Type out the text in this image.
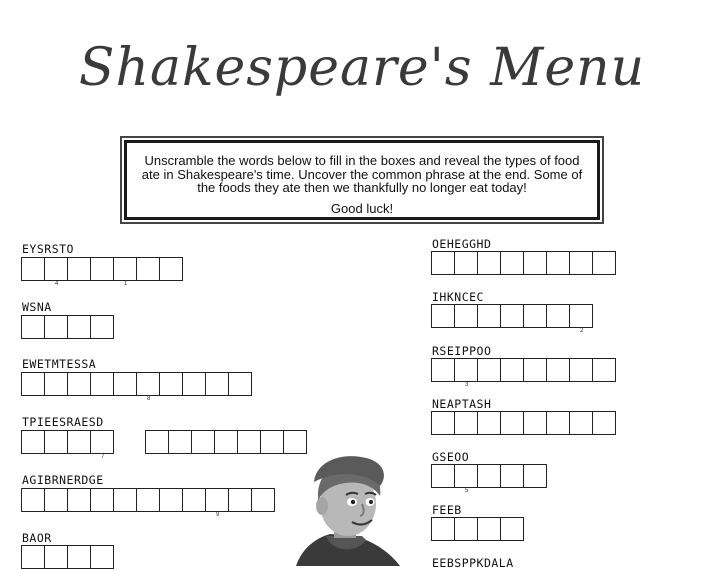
Shakespeare's Menu

Unscramble the words below to fill in the boxes and reveal the types of food ate in Shakespeare's time. Uncover the common phrase at the end. Some of the foods they ate then we thankfully no longer eat today!

Good luck!

EYSRSTO
4	1
WSNA
EWETMTESSA
8
TPIEESRAESD
7
AGIBRNERDGE
9
BAOR
OEHEGGHD
IHKNCEC
2
RSEIPPOO
3
NEAPTASH
GSEOO
5
FEEB
EEBSPPKDALA
